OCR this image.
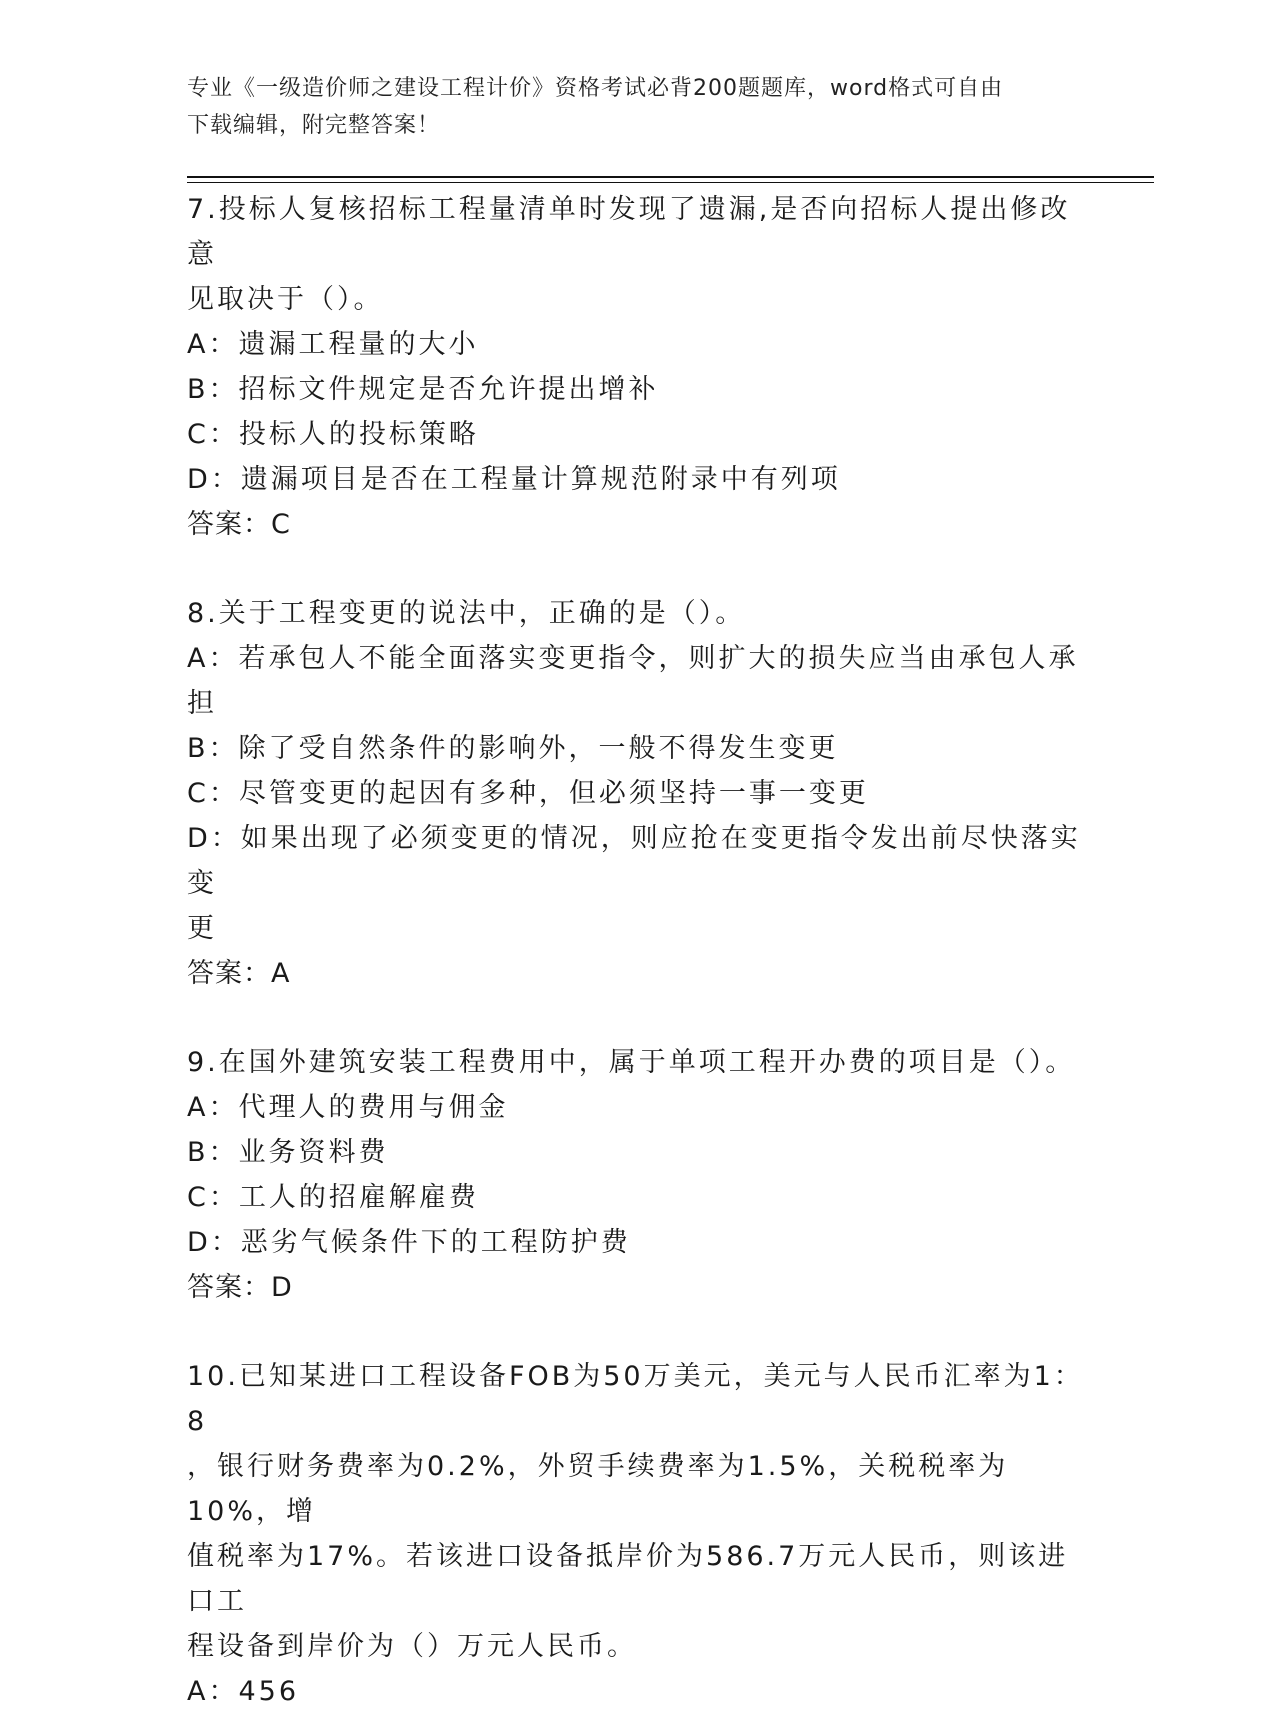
专业《一级造价师之建设工程计价》资格考试必背200题题库，word格式可自由
下载编辑，附完整答案！
7.投标人复核招标工程量清单时发现了遗漏,是否向招标人提出修改意
见取决于（）。
A：遗漏工程量的大小
B：招标文件规定是否允许提出增补
C：投标人的投标策略
D：遗漏项目是否在工程量计算规范附录中有列项
答案：C
8.关于工程变更的说法中，正确的是（）。
A：若承包人不能全面落实变更指令，则扩大的损失应当由承包人承担
B：除了受自然条件的影响外，一般不得发生变更
C：尽管变更的起因有多种，但必须坚持一事一变更
D：如果出现了必须变更的情况，则应抢在变更指令发出前尽快落实变
更
答案：A
9.在国外建筑安装工程费用中，属于单项工程开办费的项目是（）。
A：代理人的费用与佣金
B：业务资料费
C：工人的招雇解雇费
D：恶劣气候条件下的工程防护费
答案：D
10.已知某进口工程设备FOB为50万美元，美元与人民币汇率为1：8
，银行财务费率为0.2%，外贸手续费率为1.5%，关税税率为10%，增
值税率为17%。若该进口设备抵岸价为586.7万元人民币，则该进口工
程设备到岸价为（）万元人民币。
A：456
